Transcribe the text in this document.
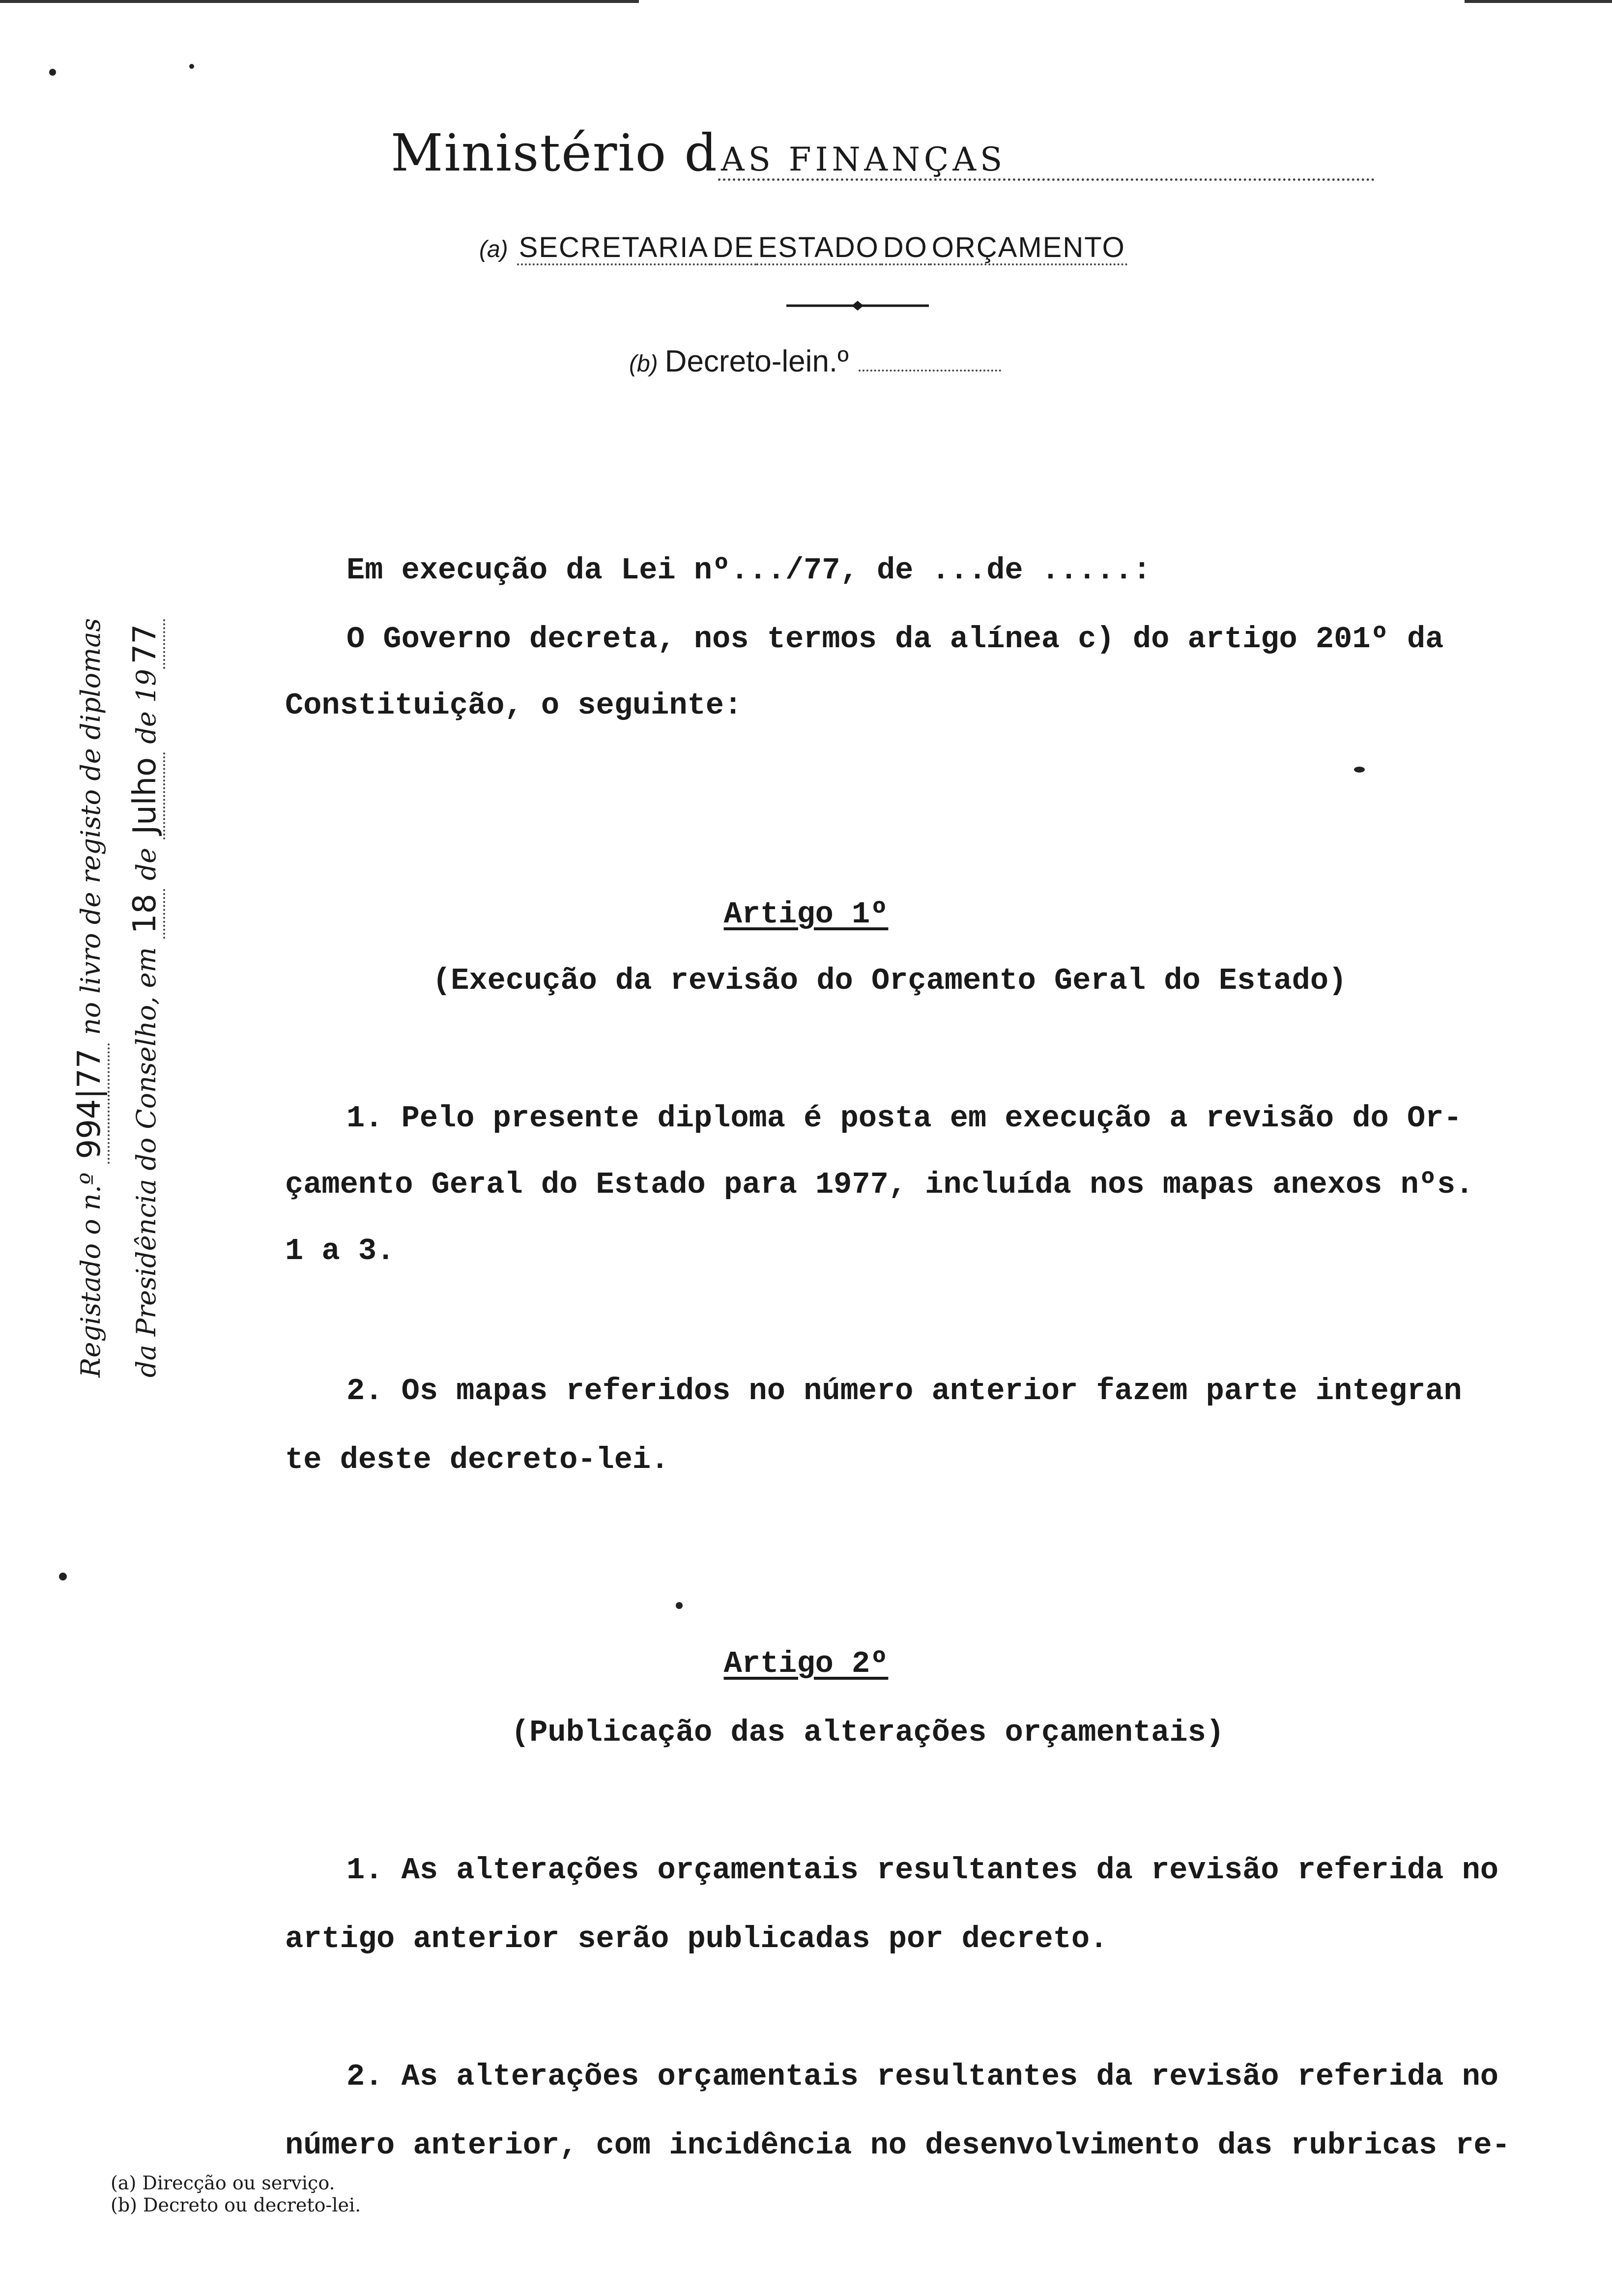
Ministério dAS FINANÇAS
(a) SECRETARIA DE ESTADO DO ORÇAMENTO
(b) Decreto-lein.º
Registado o n.º 994|77 no livro de registo de diplomas
da Presidência do Conselho, em 18 de Julho de 1977
Em execução da Lei nº.../77, de ...de .....:
O Governo decreta, nos termos da alínea c) do artigo 201º da
Constituição, o seguinte:
Artigo 1º
(Execução da revisão do Orçamento Geral do Estado)
1. Pelo presente diploma é posta em execução a revisão do Or-
çamento Geral do Estado para 1977, incluída nos mapas anexos nºs.
1 a 3.
2. Os mapas referidos no número anterior fazem parte integran
te deste decreto-lei.
Artigo 2º
(Publicação das alterações orçamentais)
1. As alterações orçamentais resultantes da revisão referida no
artigo anterior serão publicadas por decreto.
2. As alterações orçamentais resultantes da revisão referida no
número anterior, com incidência no desenvolvimento das rubricas re-
(a) Direcção ou serviço.
(b) Decreto ou decreto-lei.
